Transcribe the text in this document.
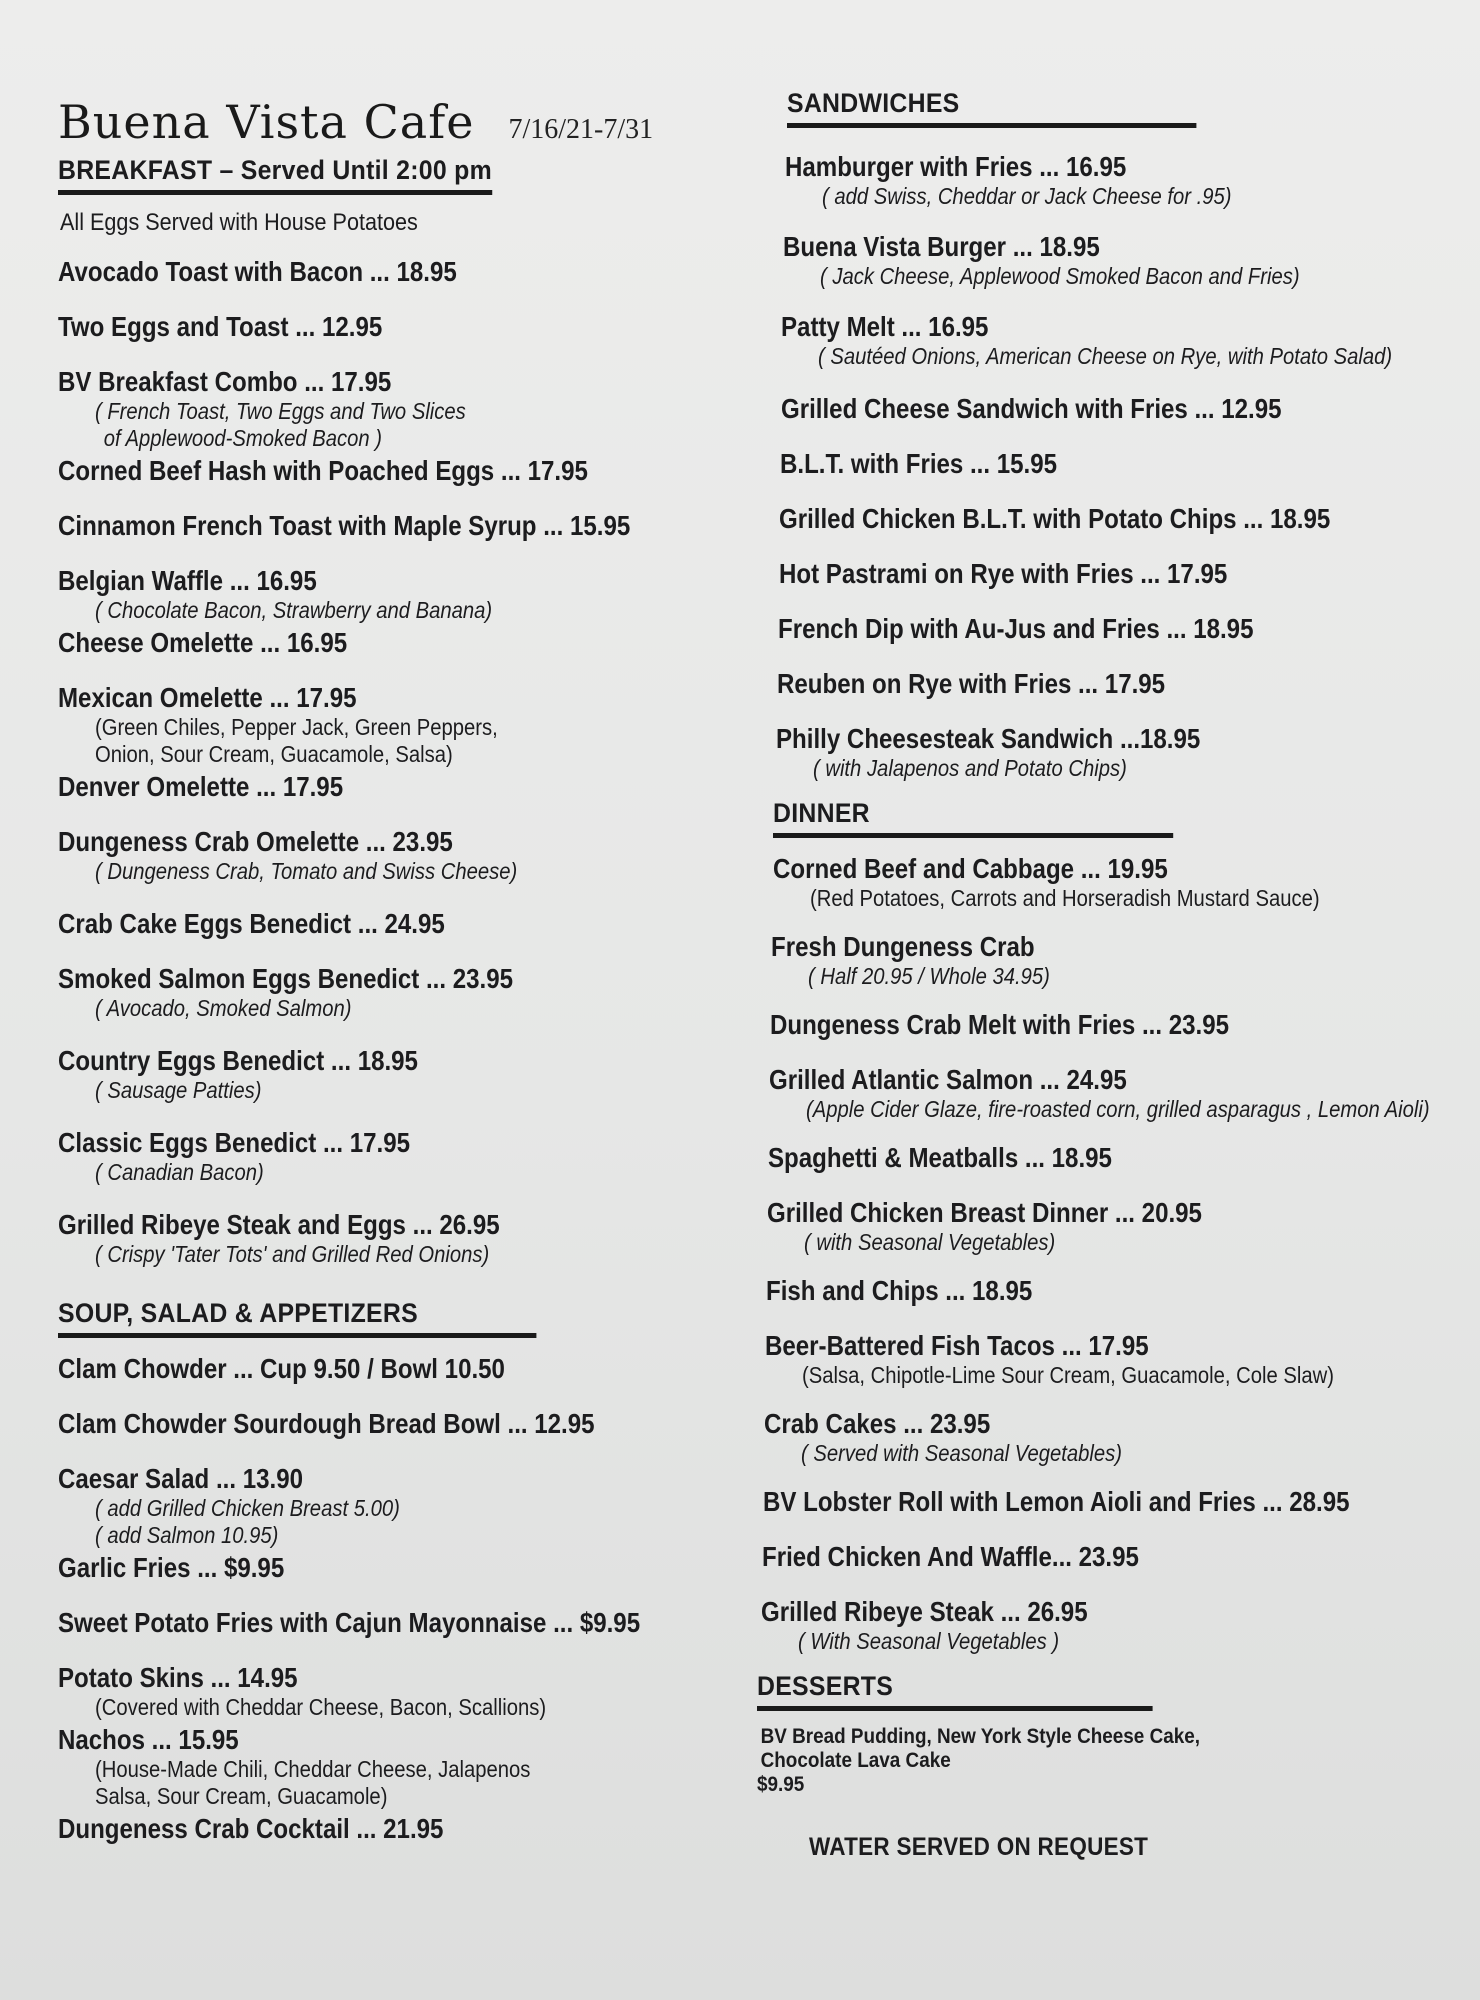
Buena Vista Cafe 7/16/21-7/31
BREAKFAST – Served Until 2:00 pm
All Eggs Served with House Potatoes
Avocado Toast with Bacon ... 18.95
Two Eggs and Toast ... 12.95
BV Breakfast Combo ... 17.95
( French Toast, Two Eggs and Two Slices
of Applewood-Smoked Bacon )
Corned Beef Hash with Poached Eggs ... 17.95
Cinnamon French Toast with Maple Syrup ... 15.95
Belgian Waffle ... 16.95
( Chocolate Bacon, Strawberry and Banana)
Cheese Omelette ... 16.95
Mexican Omelette ... 17.95
(Green Chiles, Pepper Jack, Green Peppers,
Onion, Sour Cream, Guacamole, Salsa)
Denver Omelette ... 17.95
Dungeness Crab Omelette ... 23.95
( Dungeness Crab, Tomato and Swiss Cheese)
Crab Cake Eggs Benedict ... 24.95
Smoked Salmon Eggs Benedict ... 23.95
( Avocado, Smoked Salmon)
Country Eggs Benedict ... 18.95
( Sausage Patties)
Classic Eggs Benedict ... 17.95
( Canadian Bacon)
Grilled Ribeye Steak and Eggs ... 26.95
( Crispy 'Tater Tots' and Grilled Red Onions)
SOUP, SALAD & APPETIZERS
Clam Chowder ... Cup 9.50 / Bowl 10.50
Clam Chowder Sourdough Bread Bowl ... 12.95
Caesar Salad ... 13.90
( add Grilled Chicken Breast 5.00)
( add Salmon 10.95)
Garlic Fries ... $9.95
Sweet Potato Fries with Cajun Mayonnaise ... $9.95
Potato Skins ... 14.95
(Covered with Cheddar Cheese, Bacon, Scallions)
Nachos ... 15.95
(House-Made Chili, Cheddar Cheese, Jalapenos
Salsa, Sour Cream, Guacamole)
Dungeness Crab Cocktail ... 21.95
SANDWICHES
Hamburger with Fries ... 16.95
( add Swiss, Cheddar or Jack Cheese for .95)
Buena Vista Burger ... 18.95
( Jack Cheese, Applewood Smoked Bacon and Fries)
Patty Melt ... 16.95
( Sautéed Onions, American Cheese on Rye, with Potato Salad)
Grilled Cheese Sandwich with Fries ... 12.95
B.L.T. with Fries ... 15.95
Grilled Chicken B.L.T. with Potato Chips ... 18.95
Hot Pastrami on Rye with Fries ... 17.95
French Dip with Au-Jus and Fries ... 18.95
Reuben on Rye with Fries ... 17.95
Philly Cheesesteak Sandwich ...18.95
( with Jalapenos and Potato Chips)
DINNER
Corned Beef and Cabbage ... 19.95
(Red Potatoes, Carrots and Horseradish Mustard Sauce)
Fresh Dungeness Crab
( Half 20.95 / Whole 34.95)
Dungeness Crab Melt with Fries ... 23.95
Grilled Atlantic Salmon ... 24.95
(Apple Cider Glaze, fire-roasted corn, grilled asparagus , Lemon Aioli)
Spaghetti & Meatballs ... 18.95
Grilled Chicken Breast Dinner ... 20.95
( with Seasonal Vegetables)
Fish and Chips ... 18.95
Beer-Battered Fish Tacos ... 17.95
(Salsa, Chipotle-Lime Sour Cream, Guacamole, Cole Slaw)
Crab Cakes ... 23.95
( Served with Seasonal Vegetables)
BV Lobster Roll with Lemon Aioli and Fries ... 28.95
Fried Chicken And Waffle... 23.95
Grilled Ribeye Steak ... 26.95
( With Seasonal Vegetables )
DESSERTS
BV Bread Pudding, New York Style Cheese Cake,
Chocolate Lava Cake
$9.95
WATER SERVED ON REQUEST
